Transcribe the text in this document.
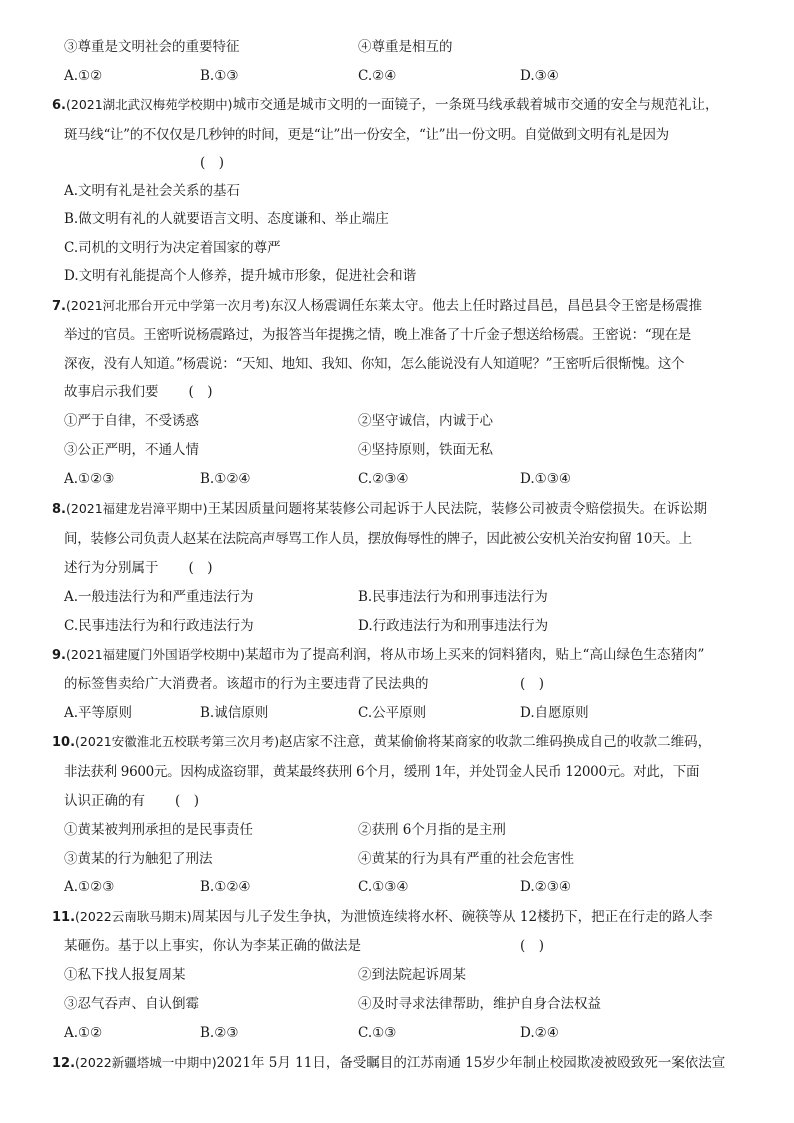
③尊重是文明社会的重要特征	④尊重是相互的
A.①②	B.①③	C.②④	D.③④
6.(2021湖北武汉梅苑学校期中)城市交通是城市文明的一面镜子，一条斑马线承载着城市交通的安全与规范礼让，
斑马线“让”的不仅仅是几秒钟的时间，更是“让”出一份安全，“让”出一份文明。自觉做到文明有礼是因为
(　)
A.文明有礼是社会关系的基石
B.做文明有礼的人就要语言文明、态度谦和、举止端庄
C.司机的文明行为决定着国家的尊严
D.文明有礼能提高个人修养，提升城市形象，促进社会和谐
7.(2021河北邢台开元中学第一次月考)东汉人杨震调任东莱太守。他去上任时路过昌邑，昌邑县令王密是杨震推
举过的官员。王密听说杨震路过，为报答当年提携之情，晚上准备了十斤金子想送给杨震。王密说：“现在是
深夜，没有人知道。”杨震说：“天知、地知、我知、你知，怎么能说没有人知道呢？”王密听后很惭愧。这个
故事启示我们要 (　)
①严于自律，不受诱惑	②坚守诚信，内诚于心
③公正严明，不通人情	④坚持原则，铁面无私
A.①②③	B.①②④	C.②③④	D.①③④
8.(2021福建龙岩漳平期中)王某因质量问题将某装修公司起诉于人民法院，装修公司被责令赔偿损失。在诉讼期
间，装修公司负责人赵某在法院高声辱骂工作人员，摆放侮辱性的牌子，因此被公安机关治安拘留 10天。上
述行为分别属于 (　)
A.一般违法行为和严重违法行为	B.民事违法行为和刑事违法行为
C.民事违法行为和行政违法行为	D.行政违法行为和刑事违法行为
9.(2021福建厦门外国语学校期中)某超市为了提高利润，将从市场上买来的饲料猪肉，贴上“高山绿色生态猪肉”
的标签售卖给广大消费者。该超市的行为主要违背了民法典的	(　)
A.平等原则	B.诚信原则	C.公平原则	D.自愿原则
10.(2021安徽淮北五校联考第三次月考)赵店家不注意，黄某偷偷将某商家的收款二维码换成自己的收款二维码，
非法获利 9600元。因构成盗窃罪，黄某最终获刑 6个月，缓刑 1年，并处罚金人民币 12000元。对此，下面
认识正确的有 (　)
①黄某被判刑承担的是民事责任	②获刑 6个月指的是主刑
③黄某的行为触犯了刑法	④黄某的行为具有严重的社会危害性
A.①②③	B.①②④	C.①③④	D.②③④
11.(2022云南耿马期末)周某因与儿子发生争执，为泄愤连续将水杯、碗筷等从 12楼扔下，把正在行走的路人李
某砸伤。基于以上事实，你认为李某正确的做法是	(　)
①私下找人报复周某	②到法院起诉周某
③忍气吞声、自认倒霉	④及时寻求法律帮助，维护自身合法权益
A.①②	B.②③	C.①③	D.②④
12.(2022新疆塔城一中期中)2021年 5月 11日，备受瞩目的江苏南通 15岁少年制止校园欺凌被殴致死一案依法宣
